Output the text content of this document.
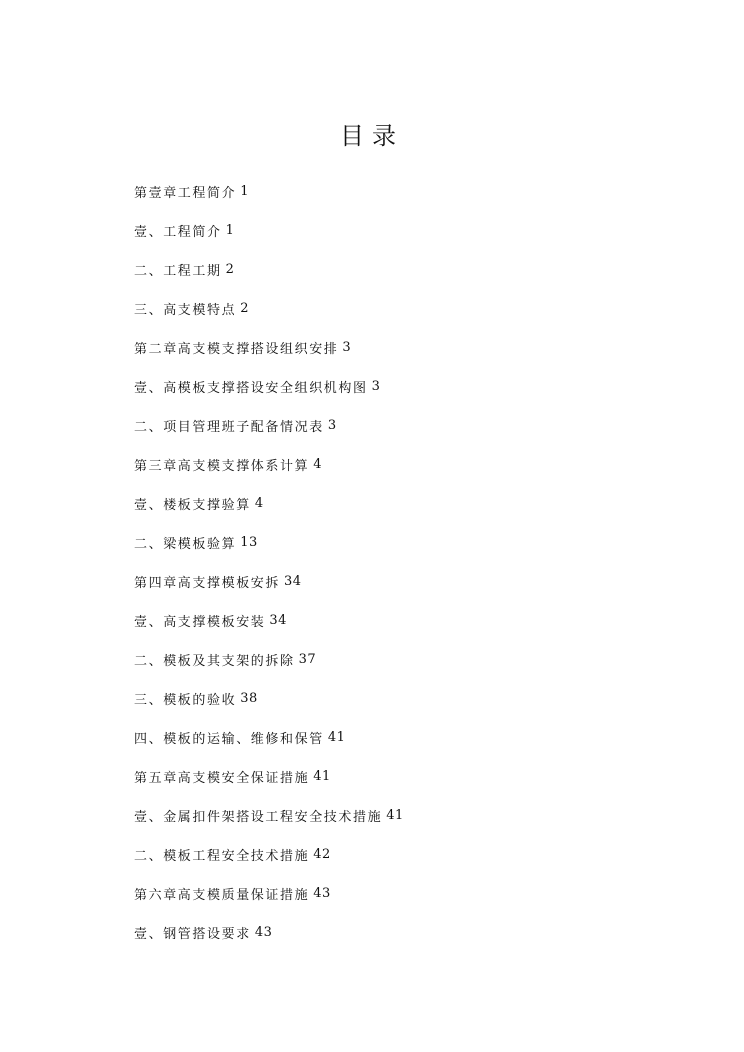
目录
第壹章工程简介 1
壹、工程简介 1
二、工程工期 2
三、高支模特点 2
第二章高支模支撑搭设组织安排 3
壹、高模板支撑搭设安全组织机构图 3
二、项目管理班子配备情况表 3
第三章高支模支撑体系计算 4
壹、楼板支撑验算 4
二、梁模板验算 13
第四章高支撑模板安拆 34
壹、高支撑模板安装 34
二、模板及其支架的拆除 37
三、模板的验收 38
四、模板的运输、维修和保管 41
第五章高支模安全保证措施 41
壹、金属扣件架搭设工程安全技术措施 41
二、模板工程安全技术措施 42
第六章高支模质量保证措施 43
壹、钢管搭设要求 43
